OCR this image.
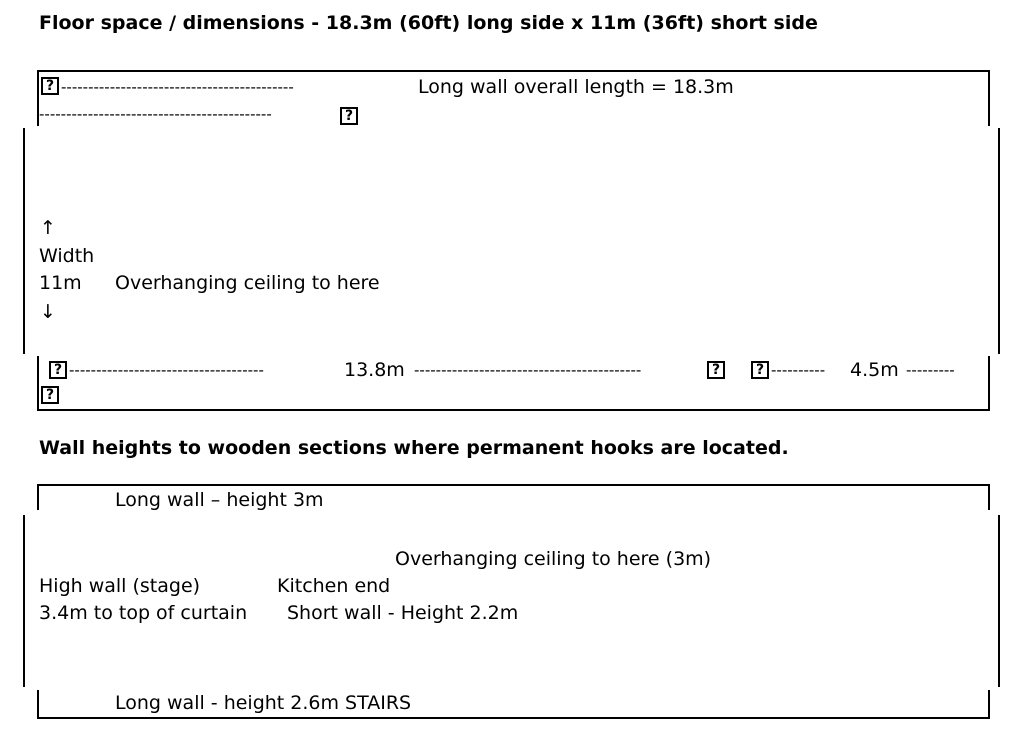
Floor space / dimensions - 18.3m (60ft) long side x 11m (36ft) short side
? -------------------------------------------	Long wall overall length = 18.3m
-------------------------------------------	?
↑
Width
11m Overhanging ceiling to here
↓
? ------------------------------------	13.8m ------------------------------------------	?	? ---------- 4.5m ---------
?
Wall heights to wooden sections where permanent hooks are located.
Long wall – height 3m
Overhanging ceiling to here (3m)
High wall (stage)	Kitchen end
3.4m to top of curtain Short wall - Height 2.2m
Long wall - height 2.6m STAIRS
